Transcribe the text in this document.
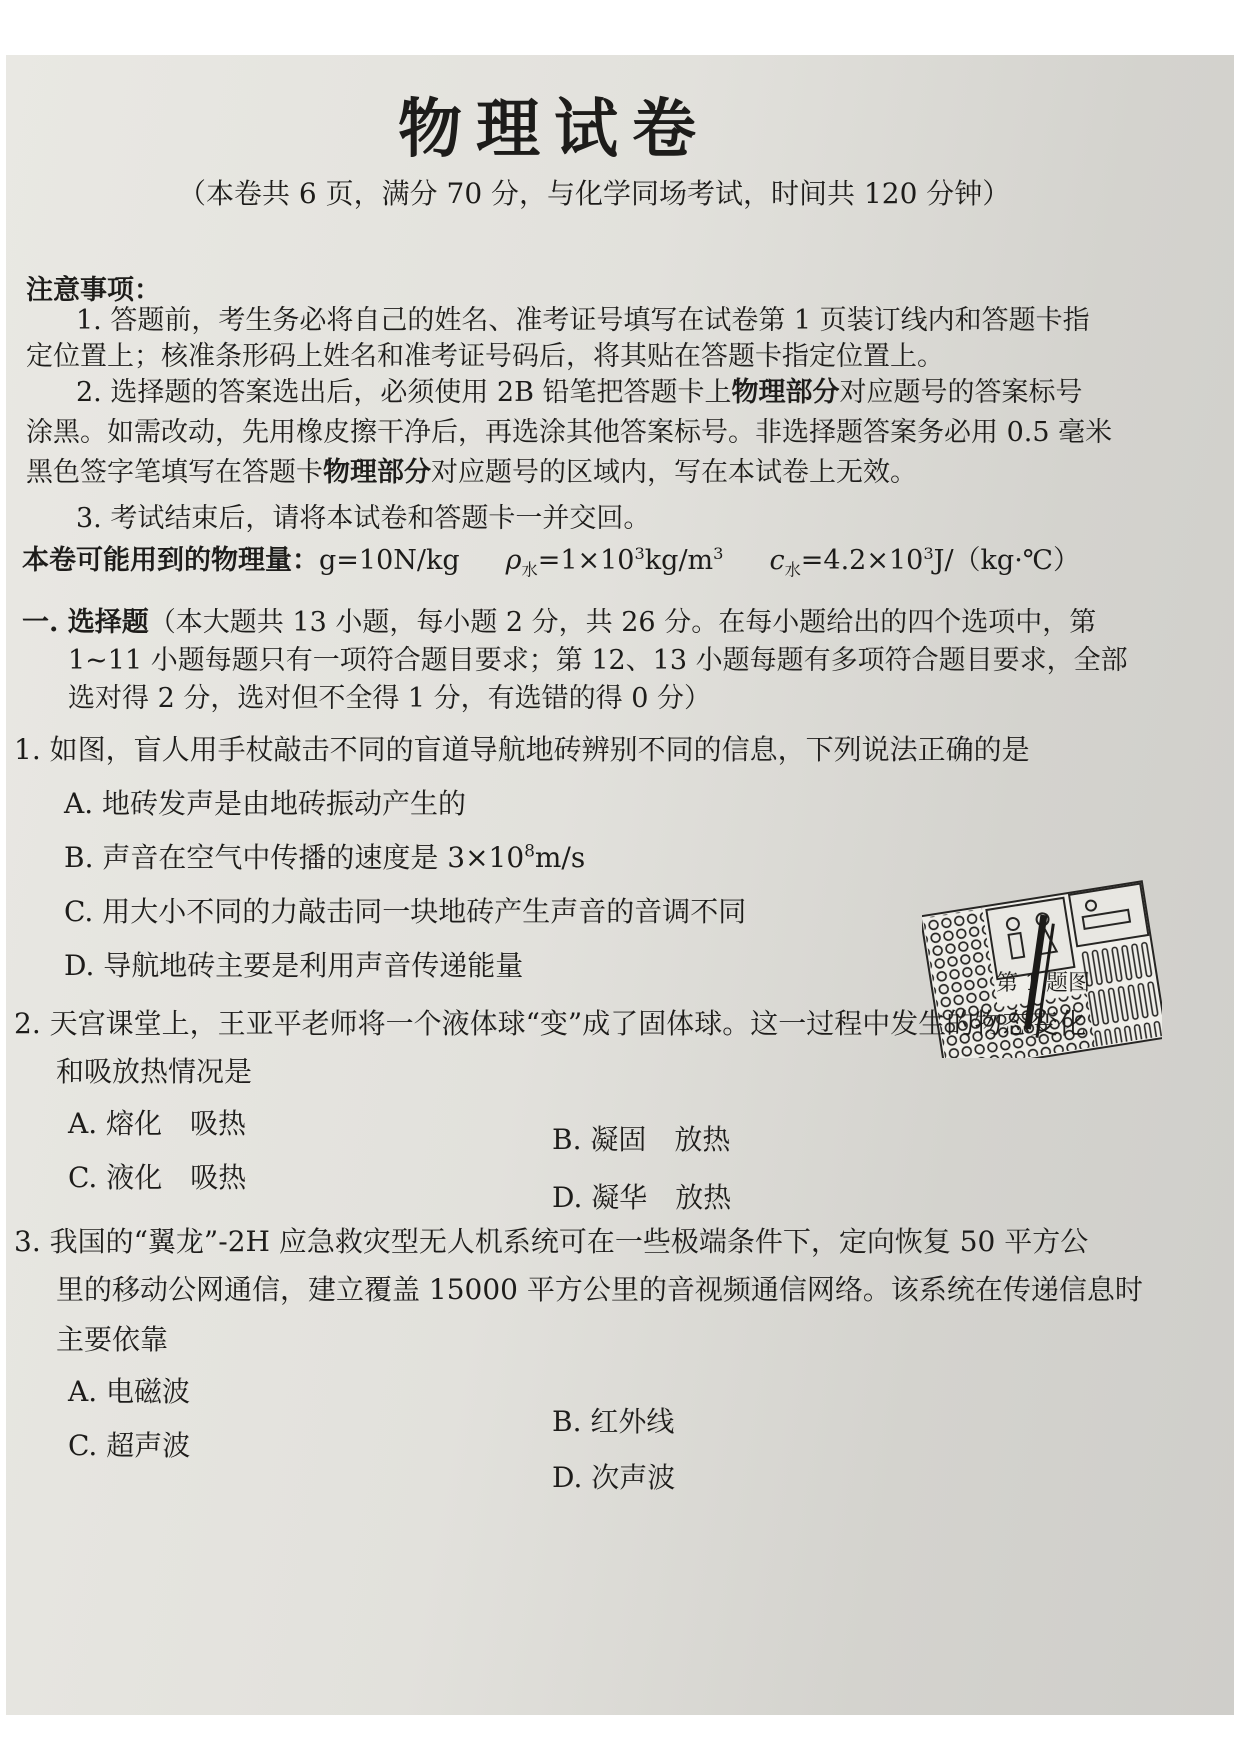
物理试卷
（本卷共 6 页，满分 70 分，与化学同场考试，时间共 120 分钟）
注意事项：
1. 答题前，考生务必将自己的姓名、准考证号填写在试卷第 1 页装订线内和答题卡指
定位置上；核准条形码上姓名和准考证号码后，将其贴在答题卡指定位置上。
2. 选择题的答案选出后，必须使用 2B 铅笔把答题卡上物理部分对应题号的答案标号
涂黑。如需改动，先用橡皮擦干净后，再选涂其他答案标号。非选择题答案务必用 0.5 毫米
黑色签字笔填写在答题卡物理部分对应题号的区域内，写在本试卷上无效。
3. 考试结束后，请将本试卷和答题卡一并交回。
本卷可能用到的物理量：g=10N/kg $\rho_水=1\times 10^3kg/m^3$ $c_水=4.2\times 10^3J/(kg\cdot℃)$
一. 选择题（本大题共 13 小题，每小题 2 分，共 26 分。在每小题给出的四个选项中，第
1~11 小题每题只有一项符合题目要求；第 12、13 小题每题有多项符合题目要求，全部
选对得 2 分，选对但不全得 1 分，有选错的得 0 分）
1. 如图，盲人用手杖敲击不同的盲道导航地砖辨别不同的信息，下列说法正确的是
A. 地砖发声是由地砖振动产生的
B. 声音在空气中传播的速度是 $3\times 10^8m/s$
C. 用大小不同的力敲击同一块地砖产生声音的音调不同
D. 导航地砖主要是利用声音传递能量
第 1 题图
2. 天宫课堂上，王亚平老师将一个液体球“变”成了固体球。这一过程中发生的物态变化
和吸放热情况是
A. 熔化　吸热	B. 凝固　放热
C. 液化　吸热
D. 凝华　放热
3. 我国的“翼龙”-2H 应急救灾型无人机系统可在一些极端条件下，定向恢复 50 平方公
里的移动公网通信，建立覆盖 15000 平方公里的音视频通信网络。该系统在传递信息时
主要依靠
A. 电磁波
B. 红外线
C. 超声波
D. 次声波
